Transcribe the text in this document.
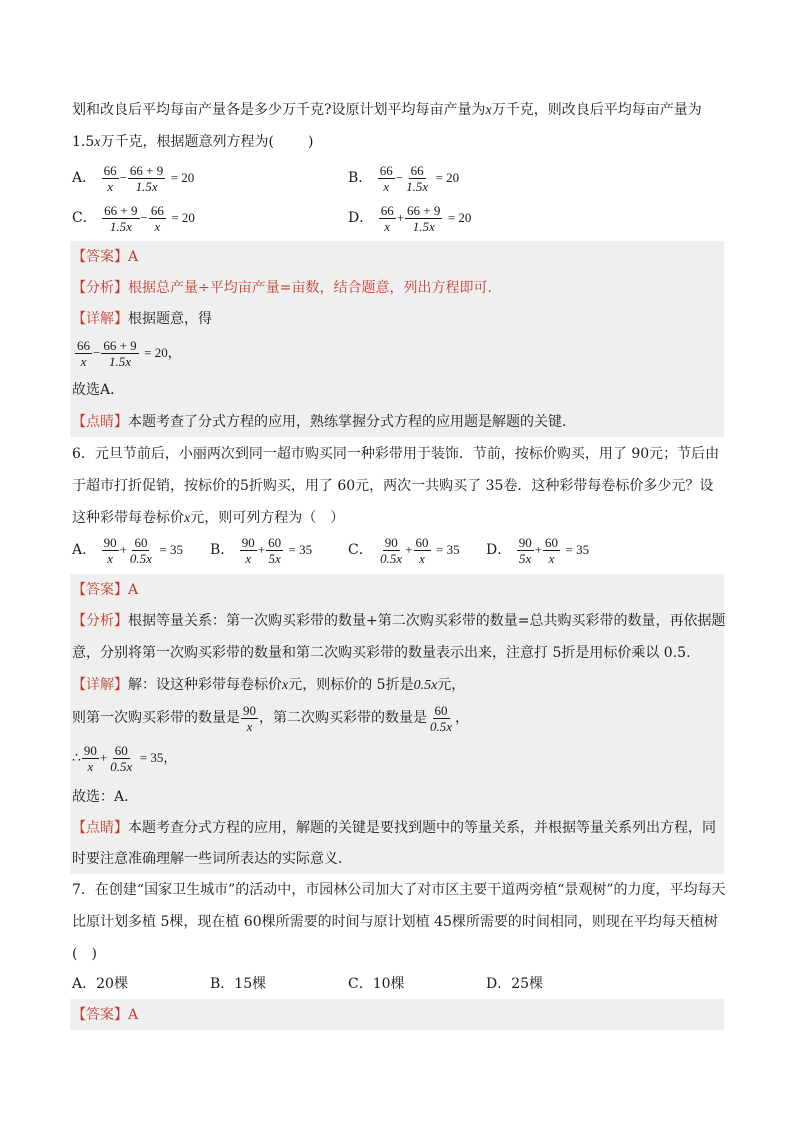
划和改良后平均每亩产量各是多少万千克?设原计划平均每亩产量为x万千克，则改良后平均每亩产量为
1.5x万千克，根据题意列方程为( )
A． $\frac{66}{x} - \frac{66 + 9}{1.5x} = 20$	B． $\frac{66}{x} - \frac{66}{1.5x} = 20$
C． $\frac{66 + 9}{1.5x} - \frac{66}{x} = 20$	D． $\frac{66}{x} + \frac{66 + 9}{1.5x} = 20$
【答案】A
【分析】根据总产量÷平均亩产量=亩数，结合题意，列出方程即可．
【详解】根据题意，得
$\frac{66}{x} - \frac{66 + 9}{1.5x} = 20$，
故选A．
【点睛】本题考查了分式方程的应用，熟练掌握分式方程的应用题是解题的关键．
6．元旦节前后，小丽两次到同一超市购买同一种彩带用于装饰．节前，按标价购买，用了 90元；节后由
于超市打折促销，按标价的5折购买，用了 60元，两次一共购买了 35卷．这种彩带每卷标价多少元？设
这种彩带每卷标价x元，则可列方程为（　）
A． $\frac{90}{x} + \frac{60}{0.5x} = 35$	B． $\frac{90}{x} + \frac{60}{5x} = 35$	C． $\frac{90}{0.5x} + \frac{60}{x} = 35$	D． $\frac{90}{5x} + \frac{60}{x} = 35$
【答案】A
【分析】根据等量关系：第一次购买彩带的数量+第二次购买彩带的数量=总共购买彩带的数量，再依据题
意，分别将第一次购买彩带的数量和第二次购买彩带的数量表示出来，注意打 5折是用标价乘以 0.5.
【详解】解：设这种彩带每卷标价x元，则标价的 5折是0.5x元，
则第一次购买彩带的数量是 $\frac{90}{x}$ ，第二次购买彩带的数量是 $\frac{60}{0.5x}$ ，
∴ $\frac{90}{x} + \frac{60}{0.5x} = 35$，
故选：A．
【点睛】本题考查分式方程的应用，解题的关键是要找到题中的等量关系，并根据等量关系列出方程，同
时要注意准确理解一些词所表达的实际意义．
7．在创建“国家卫生城市”的活动中，市园林公司加大了对市区主要干道两旁植“景观树”的力度，平均每天
比原计划多植 5棵，现在植 60棵所需要的时间与原计划植 45棵所需要的时间相同，则现在平均每天植树
(　)
A．20棵	B．15棵	C．10棵	D．25棵
【答案】A
